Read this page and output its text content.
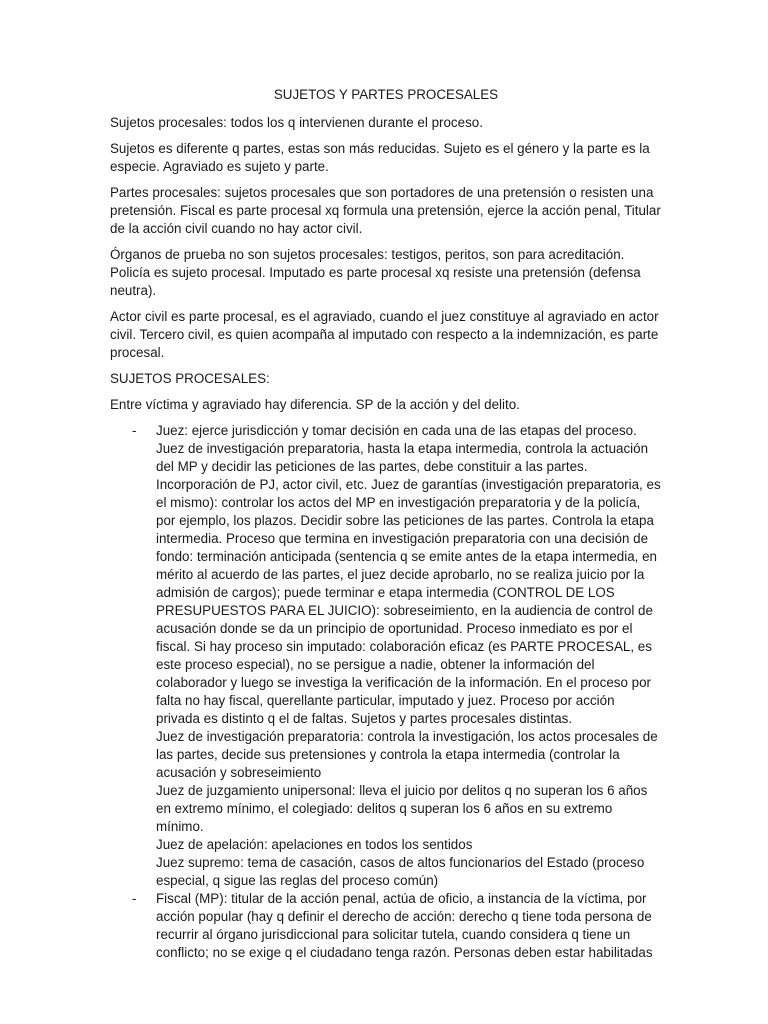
SUJETOS Y PARTES PROCESALES

Sujetos procesales: todos los q intervienen durante el proceso.

Sujetos es diferente q partes, estas son más reducidas. Sujeto es el género y la parte es la especie. Agraviado es sujeto y parte.

Partes procesales: sujetos procesales que son portadores de una pretensión o resisten una pretensión. Fiscal es parte procesal xq formula una pretensión, ejerce la acción penal, Titular de la acción civil cuando no hay actor civil.

Órganos de prueba no son sujetos procesales: testigos, peritos, son para acreditación. Policía es sujeto procesal. Imputado es parte procesal xq resiste una pretensión (defensa neutra).

Actor civil es parte procesal, es el agraviado, cuando el juez constituye al agraviado en actor civil. Tercero civil, es quien acompaña al imputado con respecto a la indemnización, es parte procesal.

SUJETOS PROCESALES:

Entre víctima y agraviado hay diferencia. SP de la acción y del delito.

- Juez: ejerce jurisdicción y tomar decisión en cada una de las etapas del proceso. Juez de investigación preparatoria, hasta la etapa intermedia, controla la actuación del MP y decidir las peticiones de las partes, debe constituir a las partes. Incorporación de PJ, actor civil, etc. Juez de garantías (investigación preparatoria, es el mismo): controlar los actos del MP en investigación preparatoria y de la policía, por ejemplo, los plazos. Decidir sobre las peticiones de las partes. Controla la etapa intermedia. Proceso que termina en investigación preparatoria con una decisión de fondo: terminación anticipada (sentencia q se emite antes de la etapa intermedia, en mérito al acuerdo de las partes, el juez decide aprobarlo, no se realiza juicio por la admisión de cargos); puede terminar e etapa intermedia (CONTROL DE LOS PRESUPUESTOS PARA EL JUICIO): sobreseimiento, en la audiencia de control de acusación donde se da un principio de oportunidad. Proceso inmediato es por el fiscal. Si hay proceso sin imputado: colaboración eficaz (es PARTE PROCESAL, es este proceso especial), no se persigue a nadie, obtener la información del colaborador y luego se investiga la verificación de la información. En el proceso por falta no hay fiscal, querellante particular, imputado y juez. Proceso por acción privada es distinto q el de faltas. Sujetos y partes procesales distintas.
Juez de investigación preparatoria: controla la investigación, los actos procesales de las partes, decide sus pretensiones y controla la etapa intermedia (controlar la acusación y sobreseimiento
Juez de juzgamiento unipersonal: lleva el juicio por delitos q no superan los 6 años en extremo mínimo, el colegiado: delitos q superan los 6 años en su extremo mínimo.
Juez de apelación: apelaciones en todos los sentidos
Juez supremo: tema de casación, casos de altos funcionarios del Estado (proceso especial, q sigue las reglas del proceso común)
- Fiscal (MP): titular de la acción penal, actúa de oficio, a instancia de la víctima, por acción popular (hay q definir el derecho de acción: derecho q tiene toda persona de recurrir al órgano jurisdiccional para solicitar tutela, cuando considera q tiene un conflicto; no se exige q el ciudadano tenga razón. Personas deben estar habilitadas
